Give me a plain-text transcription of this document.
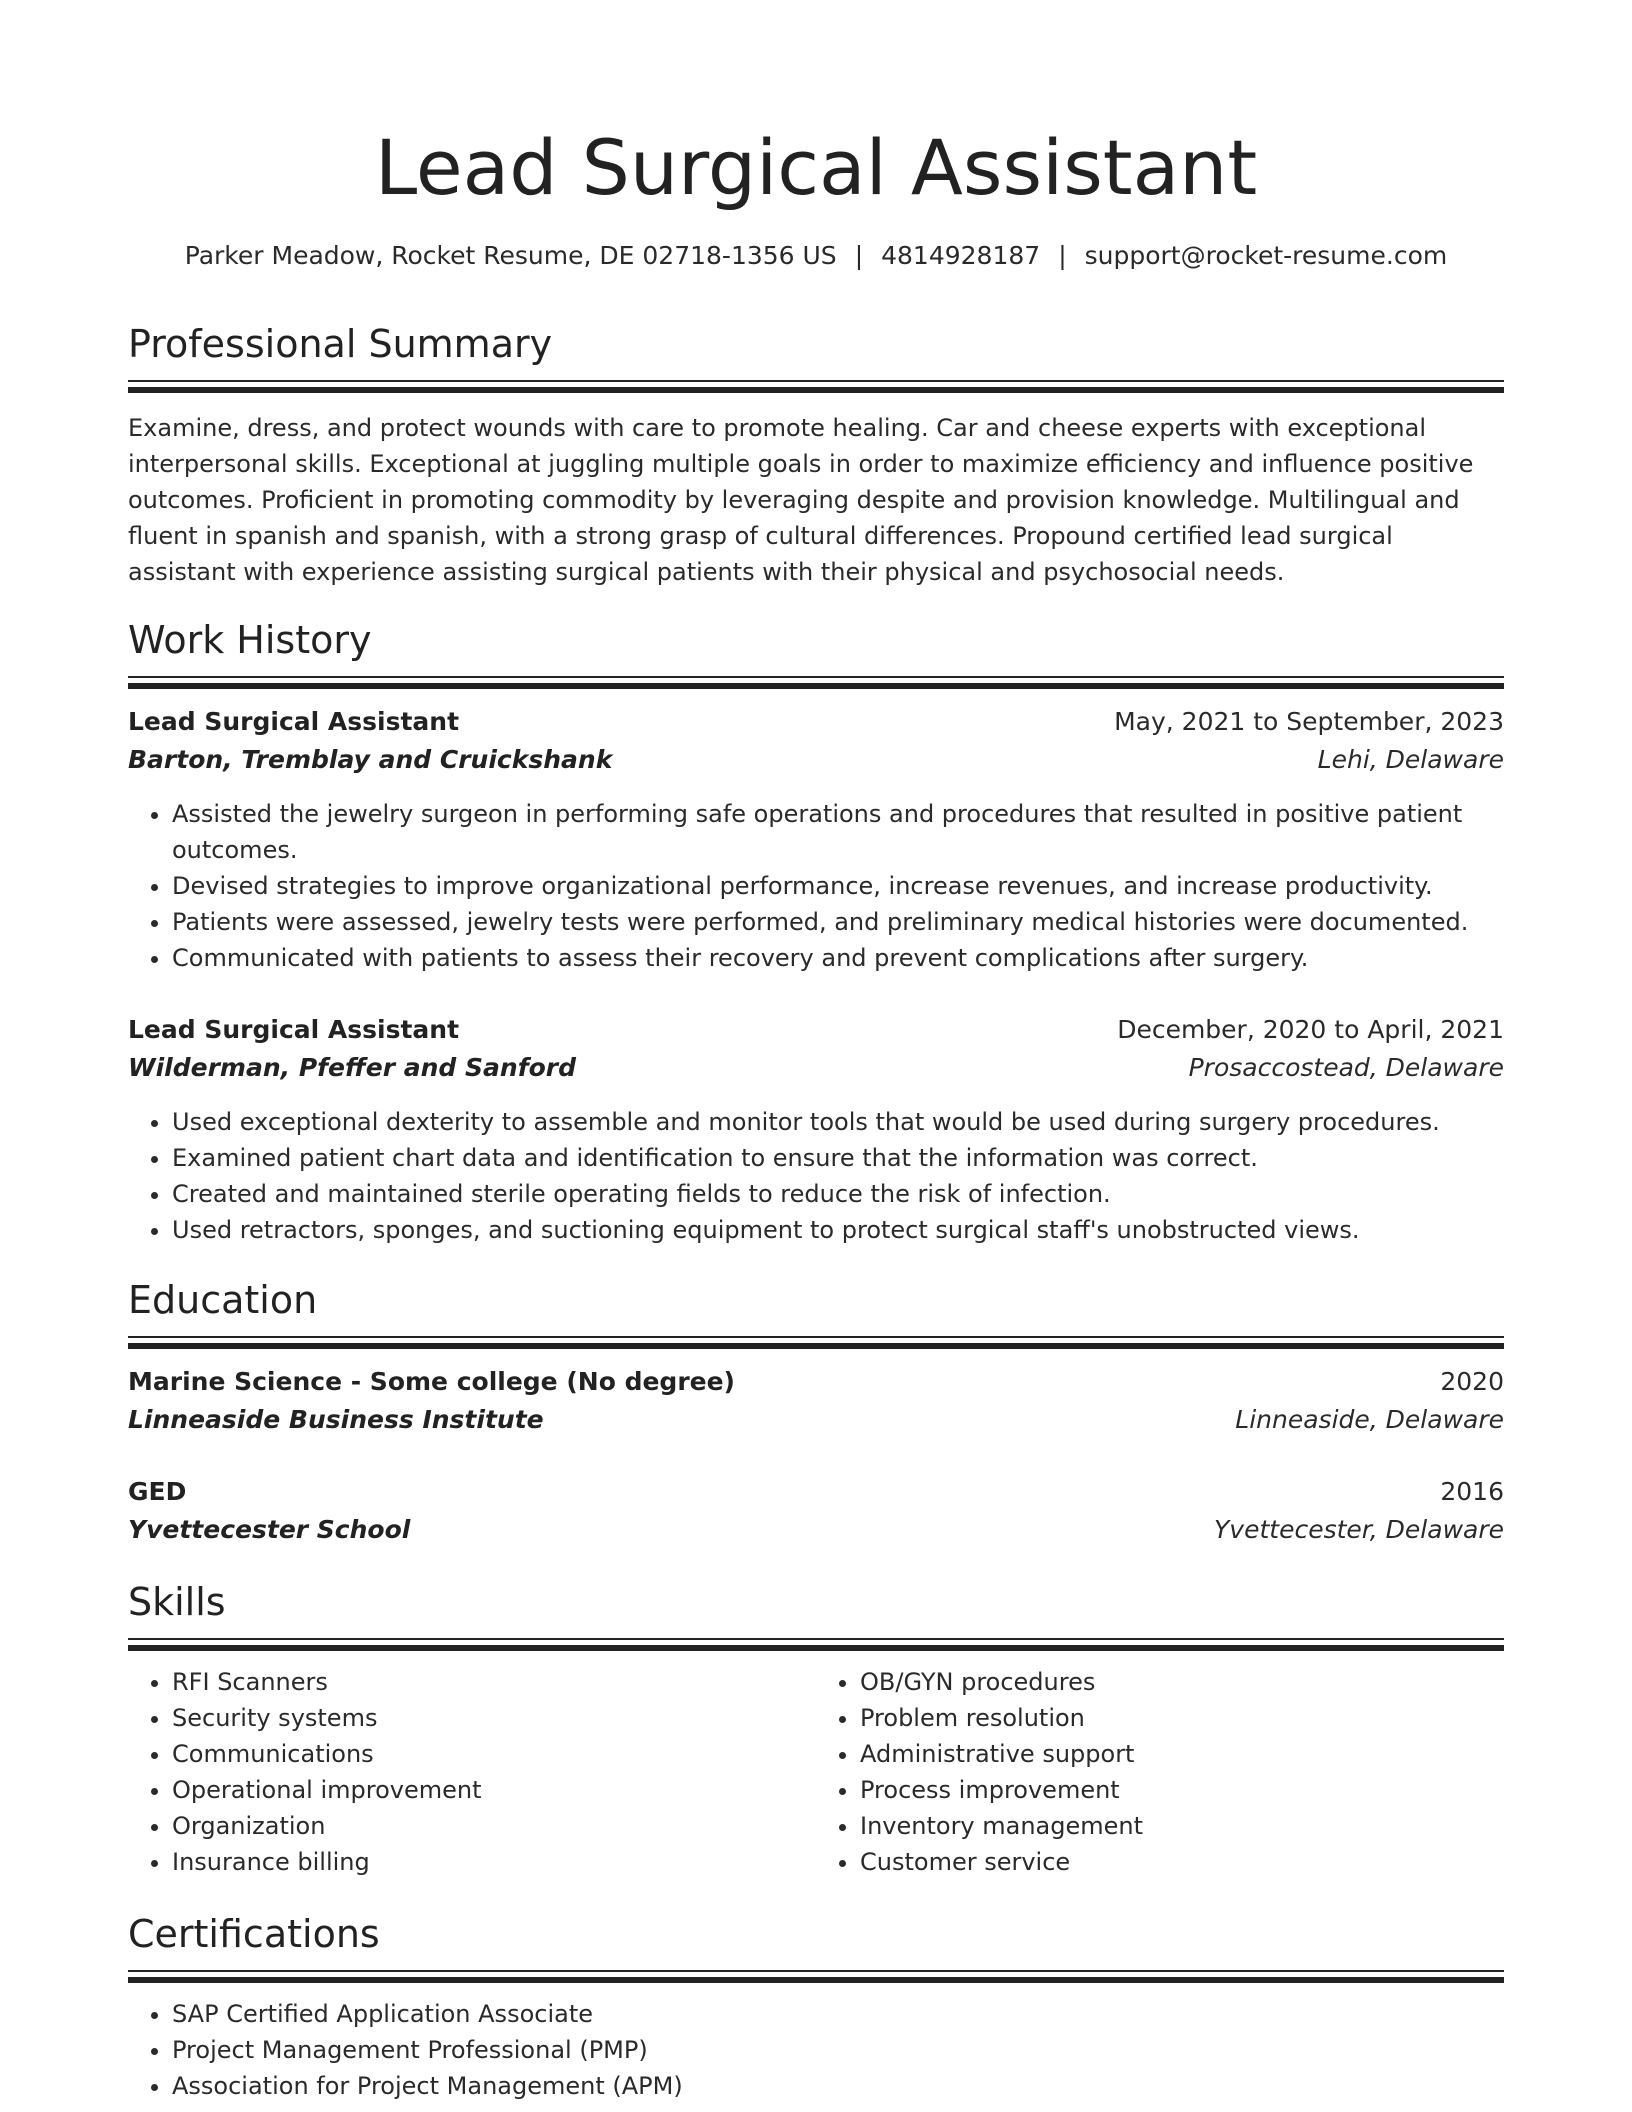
Lead Surgical Assistant
Parker Meadow, Rocket Resume, DE 02718-1356 US | 4814928187 | support@rocket-resume.com
Professional Summary
Examine, dress, and protect wounds with care to promote healing. Car and cheese experts with exceptional interpersonal skills. Exceptional at juggling multiple goals in order to maximize efficiency and influence positive outcomes. Proficient in promoting commodity by leveraging despite and provision knowledge. Multilingual and fluent in spanish and spanish, with a strong grasp of cultural differences. Propound certified lead surgical assistant with experience assisting surgical patients with their physical and psychosocial needs.
Work History
Lead Surgical Assistant	May, 2021 to September, 2023
Barton, Tremblay and Cruickshank	Lehi, Delaware
• Assisted the jewelry surgeon in performing safe operations and procedures that resulted in positive patient outcomes.
• Devised strategies to improve organizational performance, increase revenues, and increase productivity.
• Patients were assessed, jewelry tests were performed, and preliminary medical histories were documented.
• Communicated with patients to assess their recovery and prevent complications after surgery.
Lead Surgical Assistant	December, 2020 to April, 2021
Wilderman, Pfeffer and Sanford	Prosaccostead, Delaware
• Used exceptional dexterity to assemble and monitor tools that would be used during surgery procedures.
• Examined patient chart data and identification to ensure that the information was correct.
• Created and maintained sterile operating fields to reduce the risk of infection.
• Used retractors, sponges, and suctioning equipment to protect surgical staff's unobstructed views.
Education
Marine Science - Some college (No degree)	2020
Linneaside Business Institute	Linneaside, Delaware
GED	2016
Yvettecester School	Yvettecester, Delaware
Skills
• RFI Scanners
• Security systems
• Communications
• Operational improvement
• Organization
• Insurance billing
• OB/GYN procedures
• Problem resolution
• Administrative support
• Process improvement
• Inventory management
• Customer service
Certifications
• SAP Certified Application Associate
• Project Management Professional (PMP)
• Association for Project Management (APM)
